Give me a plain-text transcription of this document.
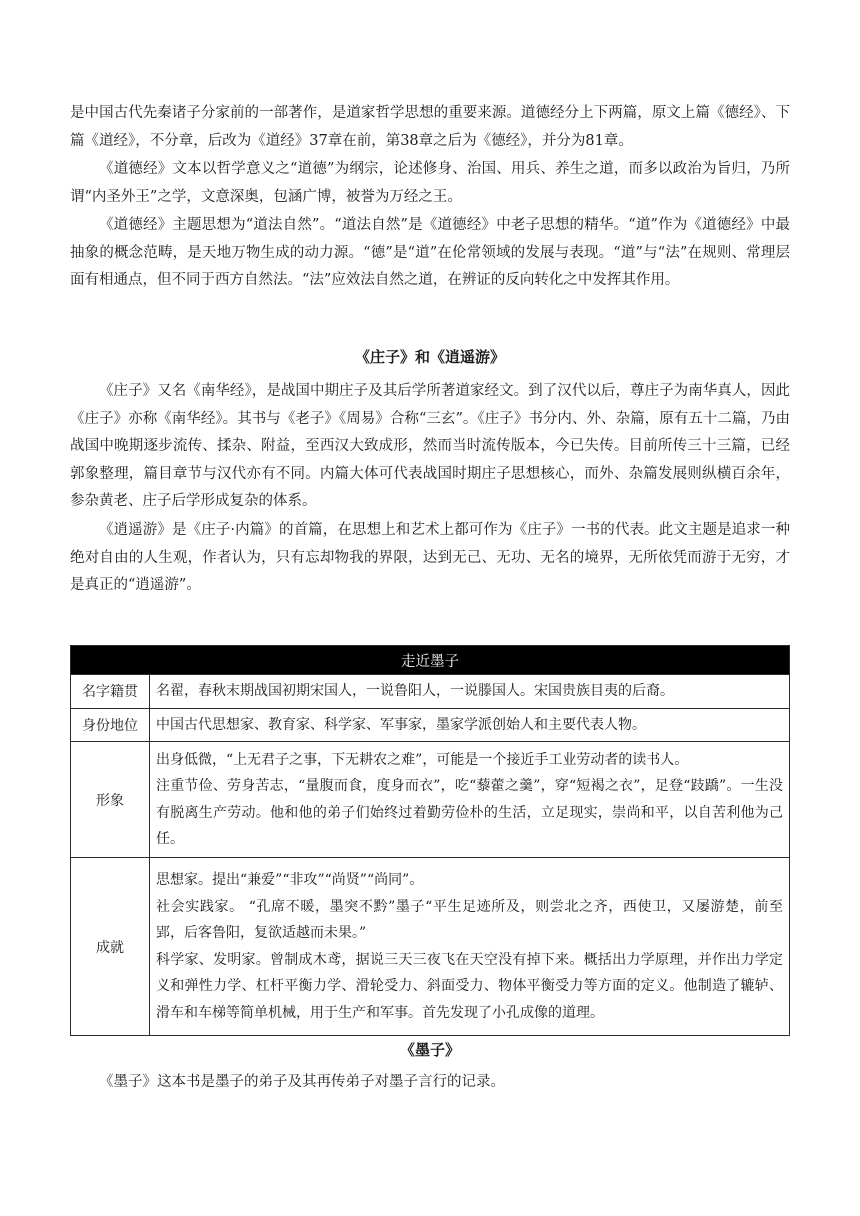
是中国古代先秦诸子分家前的一部著作，是道家哲学思想的重要来源。道德经分上下两篇，原文上篇《德经》、下篇《道经》，不分章，后改为《道经》37章在前，第38章之后为《德经》，并分为81章。

《道德经》文本以哲学意义之“道德”为纲宗，论述修身、治国、用兵、养生之道，而多以政治为旨归，乃所谓“内圣外王”之学，文意深奥，包涵广博，被誉为万经之王。

《道德经》主题思想为“道法自然”。“道法自然”是《道德经》中老子思想的精华。“道”作为《道德经》中最抽象的概念范畴，是天地万物生成的动力源。“德”是“道”在伦常领域的发展与表现。“道”与“法”在规则、常理层面有相通点，但不同于西方自然法。“法”应效法自然之道，在辨证的反向转化之中发挥其作用。

《庄子》和《逍遥游》

《庄子》又名《南华经》，是战国中期庄子及其后学所著道家经文。到了汉代以后，尊庄子为南华真人，因此《庄子》亦称《南华经》。其书与《老子》《周易》合称“三玄”。《庄子》书分内、外、杂篇，原有五十二篇，乃由战国中晚期逐步流传、揉杂、附益，至西汉大致成形，然而当时流传版本，今已失传。目前所传三十三篇，已经郭象整理，篇目章节与汉代亦有不同。内篇大体可代表战国时期庄子思想核心，而外、杂篇发展则纵横百余年，参杂黄老、庄子后学形成复杂的体系。

《逍遥游》是《庄子·内篇》的首篇，在思想上和艺术上都可作为《庄子》一书的代表。此文主题是追求一种绝对自由的人生观，作者认为，只有忘却物我的界限，达到无己、无功、无名的境界，无所依凭而游于无穷，才是真正的“逍遥游”。

走近墨子	
名字籍贯	名翟，春秋末期战国初期宋国人，一说鲁阳人，一说滕国人。宋国贵族目夷的后裔。
身份地位	中国古代思想家、教育家、科学家、军事家，墨家学派创始人和主要代表人物。
形象	出身低微，“上无君子之事，下无耕农之难”，可能是一个接近手工业劳动者的读书人。

注重节俭、劳身苦志，“量腹而食，度身而衣”，吃“藜藿之羹”，穿“短褐之衣”，足登“跂蹻”。一生没有脱离生产劳动。他和他的弟子们始终过着勤劳俭朴的生活，立足现实，崇尚和平，以自苦利他为己任。

成就	思想家。提出“兼爱”“非攻”“尚贤”“尚同”。

社会实践家。 “孔席不暖，墨突不黔”墨子“平生足迹所及，则尝北之齐，西使卫，又屡游楚，前至郢，后客鲁阳，复欲适越而未果。”

科学家、发明家。曾制成木鸢，据说三天三夜飞在天空没有掉下来。概括出力学原理，并作出力学定义和弹性力学、杠杆平衡力学、滑轮受力、斜面受力、物体平衡受力等方面的定义。他制造了辘轳、滑车和车梯等简单机械，用于生产和军事。首先发现了小孔成像的道理。

《墨子》

《墨子》这本书是墨子的弟子及其再传弟子对墨子言行的记录。
